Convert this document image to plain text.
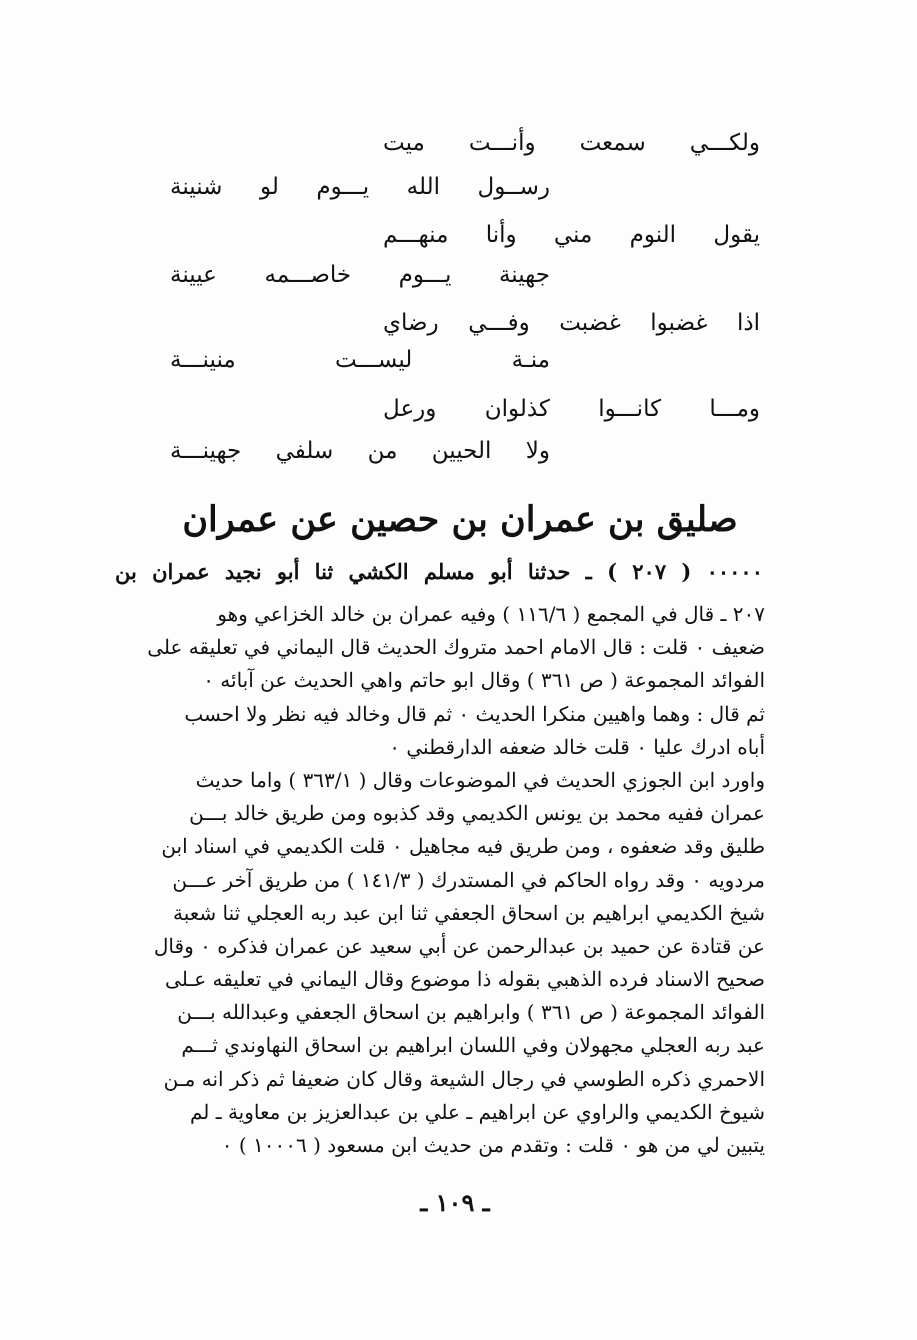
ولكـــي
سمعت
وأنـــت
ميت
رســول
الله
يـــوم
لو
شنينة
يقول
النوم
مني
وأنا
منهـــم
جهينة
يـــوم
خاصـــمه
عيينة
اذا
غضبوا
غضبت
وفـــي
رضاي
منـة
ليســـت
منينـــة
ومـــا
كانـــوا
كذلوان
ورعل
ولا
الحيين
من
سلفي
جهينـــة
صليق بن عمران بن حصين عن عمران
٠٠٠٠٠ ( ٢٠٧ ) ـ حدثنا أبو مسلم الكشي ثنا أبو نجيد عمران بن
٢٠٧ ـ قال في المجمع ( ١١٦/٦ ) وفيه عمران بن خالد الخزاعي وهو
ضعيف ٠ قلت : قال الامام احمد متروك الحديث قال اليماني في تعليقه على
الفوائد المجموعة ( ص ٣٦١ ) وقال ابو حاتم واهي الحديث عن آبائه ٠
ثم قال : وهما واهيين منكرا الحديث ٠ ثم قال وخالد فيه نظر ولا احسب
أباه ادرك عليا ٠ قلت خالد ضعفه الدارقطني ٠
واورد ابن الجوزي الحديث في الموضوعات وقال ( ٣٦٣/١ ) واما حديث
عمران ففيه محمد بن يونس الكديمي وقد كذبوه ومن طريق خالد بـــن
طليق وقد ضعفوه ، ومن طريق فيه مجاهيل ٠ قلت الكديمي في اسناد ابن
مردويه ٠ وقد رواه الحاكم في المستدرك ( ١٤١/٣ ) من طريق آخر عـــن
شيخ الكديمي ابراهيم بن اسحاق الجعفي ثنا ابن عبد ربه العجلي ثنا شعبة
عن قتادة عن حميد بن عبدالرحمن عن أبي سعيد عن عمران فذكره ٠ وقال
صحيح الاسناد فرده الذهبي بقوله ذا موضوع وقال اليماني في تعليقه عـلى
الفوائد المجموعة ( ص ٣٦١ ) وابراهيم بن اسحاق الجعفي وعبدالله بـــن
عبد ربه العجلي مجهولان وفي اللسان ابراهيم بن اسحاق النهاوندي ثـــم
الاحمري ذكره الطوسي في رجال الشيعة وقال كان ضعيفا ثم ذكر انه مـن
شيوخ الكديمي والراوي عن ابراهيم ـ علي بن عبدالعزيز بن معاوية ـ لم
يتبين لي من هو ٠ قلت : وتقدم من حديث ابن مسعود ( ١٠٠٠٦ ) ٠
ـ ١٠٩ ـ
